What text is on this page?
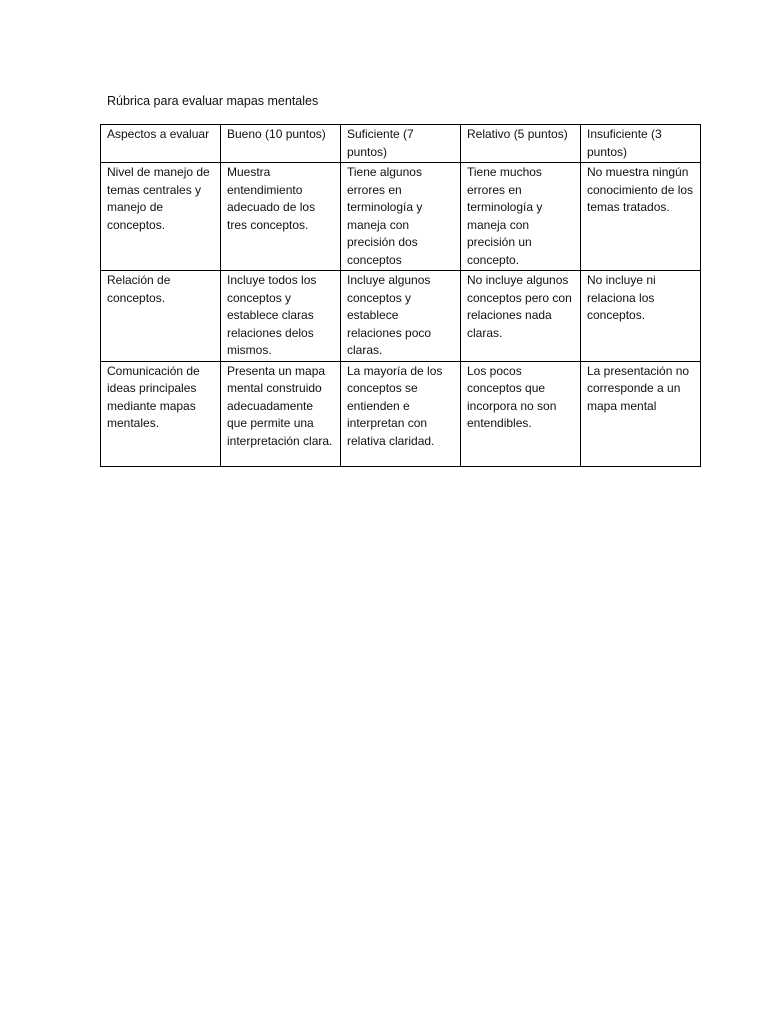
Rúbrica para evaluar mapas mentales
Aspectos a evaluar	Bueno (10 puntos)	Suficiente (7 puntos)	Relativo (5 puntos)	Insuficiente (3 puntos)
Nivel de manejo de temas centrales y manejo de conceptos.	Muestra entendimiento adecuado de los tres conceptos.	Tiene algunos errores en terminología y maneja con precisión dos conceptos	Tiene muchos errores en terminología y maneja con precisión un concepto.	No muestra ningún conocimiento de los temas tratados.
Relación de conceptos.	Incluye todos los conceptos y establece claras relaciones delos mismos.	Incluye algunos conceptos y establece relaciones poco claras.	No incluye algunos conceptos pero con relaciones nada claras.	No incluye ni relaciona los conceptos.
Comunicación de ideas principales mediante mapas mentales.	Presenta un mapa mental construido adecuadamente que permite una interpretación clara.	La mayoría de los conceptos se entienden e interpretan con relativa claridad.	Los pocos conceptos que incorpora no son entendibles.	La presentación no corresponde a un mapa mental
